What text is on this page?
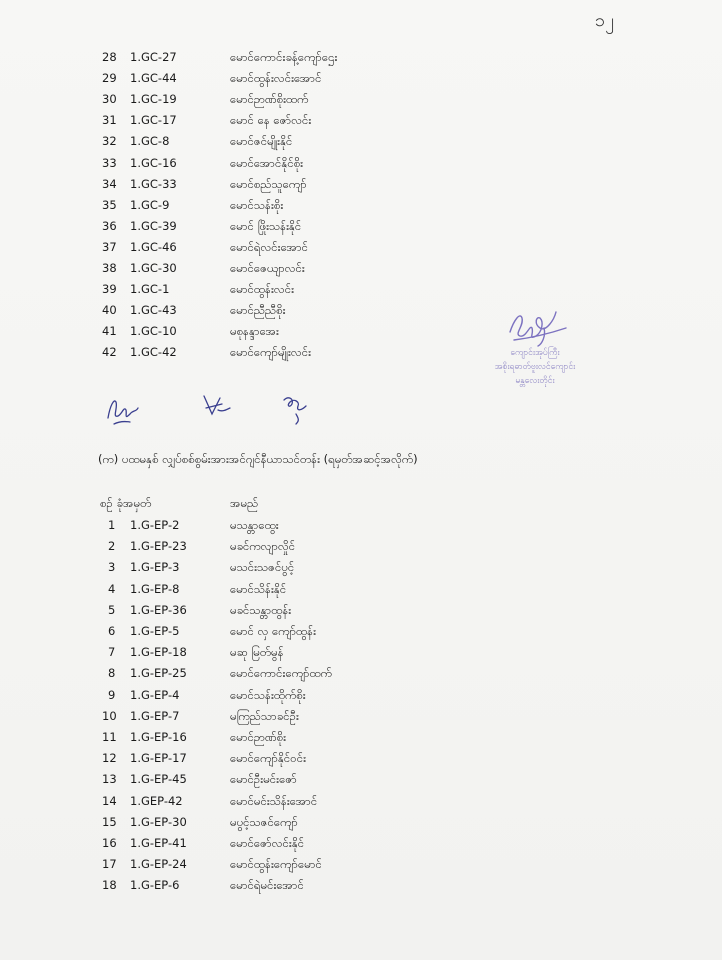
၁၂
28	1.GC-27	မောင်ကောင်းခန့်ကျော်ဌေး
29	1.GC-44	မောင်ထွန်းလင်းအောင်
30	1.GC-19	မောင်ဉာဏ်စိုးထက်
31	1.GC-17	မောင် နေ ဇော်လင်း
32	1.GC-8	မောင်ဇင်မျိုးနိုင်
33	1.GC-16	မောင်အောင်နိုင်စိုး
34	1.GC-33	မောင်စည်သူကျော်
35	1.GC-9	မောင်သန်းစိုး
36	1.GC-39	မောင် ဖြိုးသန်းနိုင်
37	1.GC-46	မောင်ရဲလင်းအောင်
38	1.GC-30	မောင်ဇေယျာလင်း
39	1.GC-1	မောင်ထွန်းလင်း
40	1.GC-43	မောင်ညီညီစိုး
41	1.GC-10	မစုနန္ဒာအေး
42	1.GC-42	မောင်ကျော်မျိုးလင်း	ကျောင်းအုပ်ကြီး
အစိုးရဓာတ်ဗူးလင်ကျောင်း
မန္တလေးတိုင်း
(က) ပထမနှစ် လျှပ်စစ်စွမ်းအားအင်ဂျင်နီယာသင်တန်း (ရမှတ်အဆင့်အလိုက်)
စဉ် ခုံအမှတ်	အမည်
1	1.G-EP-2	မသန္တာထွေး
2	1.G-EP-23	မခင်ကလျာလှိုင်
3	1.G-EP-3	မသင်းသဇင်ပွင့်
4	1.G-EP-8	မောင်သိန်းနိုင်
5	1.G-EP-36	မခင်သန္တာထွန်း
6	1.G-EP-5	မောင် လှ ကျော်ထွန်း
7	1.G-EP-18	မဆု မြတ်မွန်
8	1.G-EP-25	မောင်ကောင်းကျော်ထက်
9	1.G-EP-4	မောင်သန်းထိုက်စိုး
10	1.G-EP-7	မကြည်သာခင်ဦး
11	1.G-EP-16	မောင်ဉာဏ်စိုး
12	1.G-EP-17	မောင်ကျော်နိုင်ဝင်း
13	1.G-EP-45	မောင်ဦးမင်းဇော်
14	1.GEP-42	မောင်မင်းသိန်းအောင်
15	1.G-EP-30	မပွင့်သဇင်ကျော်
16	1.G-EP-41	မောင်ဇော်လင်းနိုင်
17	1.G-EP-24	မောင်ထွန်းကျော်မောင်
18	1.G-EP-6	မောင်ရဲမင်းအောင်
